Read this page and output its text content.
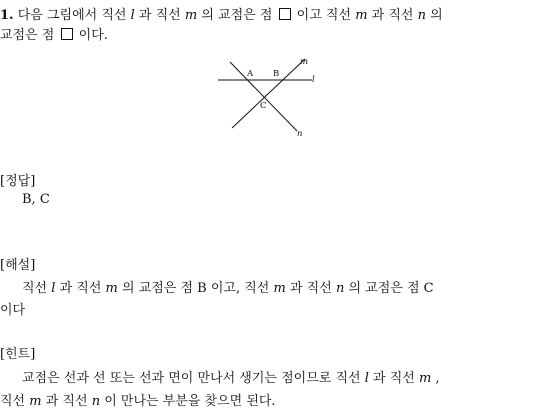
1. 다음 그림에서 직선 l 과 직선 m 의 교점은 점 이고 직선 m 과 직선 n 의
교점은 점 이다.
A B
C
m
l
n
[정답]
B, C
[해설]
직선 l 과 직선 m 의 교점은 점 B 이고, 직선 m 과 직선 n 의 교점은 점 C
이다
[힌트]
교점은 선과 선 또는 선과 면이 만나서 생기는 점이므로 직선 l 과 직선 m ,
직선 m 과 직선 n 이 만나는 부분을 찾으면 된다.
